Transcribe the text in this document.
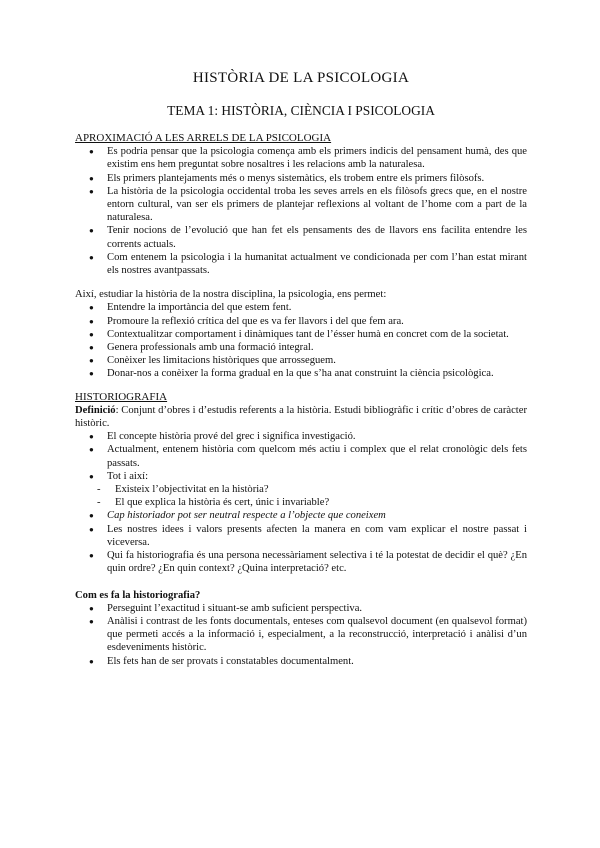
HISTÒRIA DE LA PSICOLOGIA
TEMA 1: HISTÒRIA, CIÈNCIA I PSICOLOGIA
APROXIMACIÓ A LES ARRELS DE LA PSICOLOGIA
● Es podria pensar que la psicologia comença amb els primers indicis del pensament humà, des que existim ens hem preguntat sobre nosaltres i les relacions amb la naturalesa.
● Els primers plantejaments més o menys sistemàtics, els trobem entre els primers filòsofs.
● La història de la psicologia occidental troba les seves arrels en els filòsofs grecs que, en el nostre entorn cultural, van ser els primers de plantejar reflexions al voltant de l’home com a part de la naturalesa.
● Tenir nocions de l’evolució que han fet els pensaments des de llavors ens facilita entendre les corrents actuals.
● Com entenem la psicologia i la humanitat actualment ve condicionada per com l’han estat mirant els nostres avantpassats.

Així, estudiar la història de la nostra disciplina, la psicologia, ens permet:

● Entendre la importància del que estem fent.
● Promoure la reflexió crítica del que es va fer llavors i del que fem ara.
● Contextualitzar comportament i dinàmiques tant de l’ésser humà en concret com de la societat.
● Genera professionals amb una formació integral.
● Conèixer les limitacions històriques que arrosseguem.
● Donar-nos a conèixer la forma gradual en la que s’ha anat construint la ciència psicològica.
HISTORIOGRAFIA

Definició: Conjunt d’obres i d’estudis referents a la història. Estudi bibliogràfic i crític d’obres de caràcter històric.

● El concepte història prové del grec i significa investigació.
● Actualment, entenem història com quelcom més actiu i complex que el relat cronològic dels fets passats.
● Tot i així:
- Existeix l’objectivitat en la història?
- El que explica la història és cert, únic i invariable?
● Cap historiador pot ser neutral respecte a l’objecte que coneixem
● Les nostres idees i valors presents afecten la manera en com vam explicar el nostre passat i viceversa.
● Qui fa historiografia és una persona necessàriament selectiva i té la potestat de decidir el què? ¿En quin ordre? ¿En quin context? ¿Quina interpretació? etc.
Com es fa la historiografia?
● Perseguint l’exactitud i situant-se amb suficient perspectiva.
● Anàlisi i contrast de les fonts documentals, enteses com qualsevol document (en qualsevol format) que permeti accés a la informació i, especialment, a la reconstrucció, interpretació i anàlisi d’un esdeveniments històric.
● Els fets han de ser provats i constatables documentalment.
